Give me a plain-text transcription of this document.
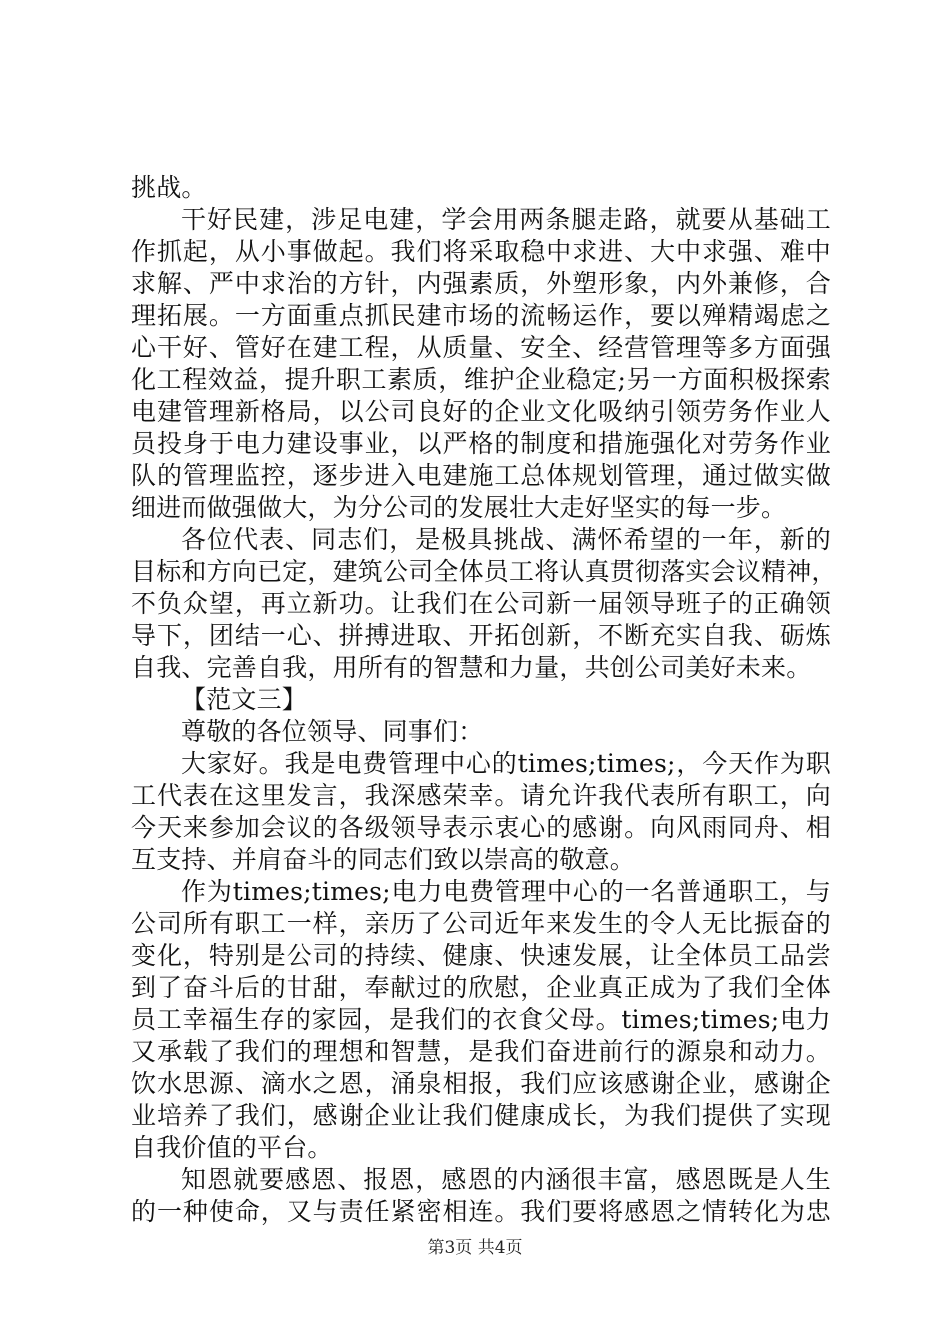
挑战。
干好民建，涉足电建，学会用两条腿走路，就要从基础工
作抓起，从小事做起。我们将采取稳中求进、大中求强、难中
求解、严中求治的方针，内强素质，外塑形象，内外兼修，合
理拓展。一方面重点抓民建市场的流畅运作，要以殚精竭虑之
心干好、管好在建工程，从质量、安全、经营管理等多方面强
化工程效益，提升职工素质，维护企业稳定;另一方面积极探索
电建管理新格局，以公司良好的企业文化吸纳引领劳务作业人
员投身于电力建设事业，以严格的制度和措施强化对劳务作业
队的管理监控，逐步进入电建施工总体规划管理，通过做实做
细进而做强做大，为分公司的发展壮大走好坚实的每一步。
各位代表、同志们，是极具挑战、满怀希望的一年，新的
目标和方向已定，建筑公司全体员工将认真贯彻落实会议精神，
不负众望，再立新功。让我们在公司新一届领导班子的正确领
导下，团结一心、拼搏进取、开拓创新，不断充实自我、砺炼
自我、完善自我，用所有的智慧和力量，共创公司美好未来。
【范文三】
尊敬的各位领导、同事们：
大家好。我是电费管理中心的times;times;，今天作为职
工代表在这里发言，我深感荣幸。请允许我代表所有职工，向
今天来参加会议的各级领导表示衷心的感谢。向风雨同舟、相
互支持、并肩奋斗的同志们致以崇高的敬意。
作为times;times;电力电费管理中心的一名普通职工，与
公司所有职工一样，亲历了公司近年来发生的令人无比振奋的
变化，特别是公司的持续、健康、快速发展，让全体员工品尝
到了奋斗后的甘甜，奉献过的欣慰，企业真正成为了我们全体
员工幸福生存的家园，是我们的衣食父母。times;times;电力
又承载了我们的理想和智慧，是我们奋进前行的源泉和动力。
饮水思源、滴水之恩，涌泉相报，我们应该感谢企业，感谢企
业培养了我们，感谢企业让我们健康成长，为我们提供了实现
自我价值的平台。
知恩就要感恩、报恩，感恩的内涵很丰富，感恩既是人生
的一种使命，又与责任紧密相连。我们要将感恩之情转化为忠
第3页 共4页
